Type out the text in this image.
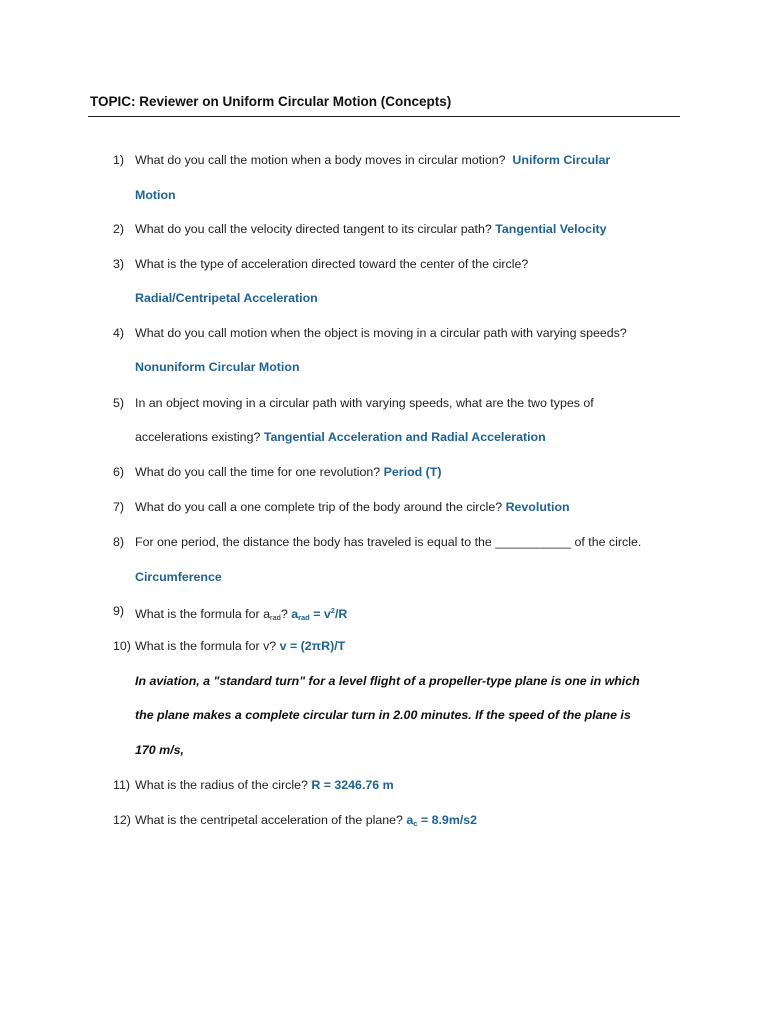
TOPIC: Reviewer on Uniform Circular Motion (Concepts)
1) What do you call the motion when a body moves in circular motion? Uniform Circular
Motion
2) What do you call the velocity directed tangent to its circular path? Tangential Velocity
3) What is the type of acceleration directed toward the center of the circle?
Radial/Centripetal Acceleration
4) What do you call motion when the object is moving in a circular path with varying speeds?
Nonuniform Circular Motion
5) In an object moving in a circular path with varying speeds, what are the two types of
accelerations existing? Tangential Acceleration and Radial Acceleration
6) What do you call the time for one revolution? Period (T)
7) What do you call a one complete trip of the body around the circle? Revolution
8) For one period, the distance the body has traveled is equal to the ___________ of the circle.
Circumference
9) What is the formula for $a_{rad}$? $a_{rad} = v^2/R$
10) What is the formula for v? v = (2πR)/T
In aviation, a "standard turn" for a level flight of a propeller-type plane is one in which
the plane makes a complete circular turn in 2.00 minutes. If the speed of the plane is
170 m/s,
11) What is the radius of the circle? R = 3246.76 m
12) What is the centripetal acceleration of the plane? $a_c = 8.9m/s2$
